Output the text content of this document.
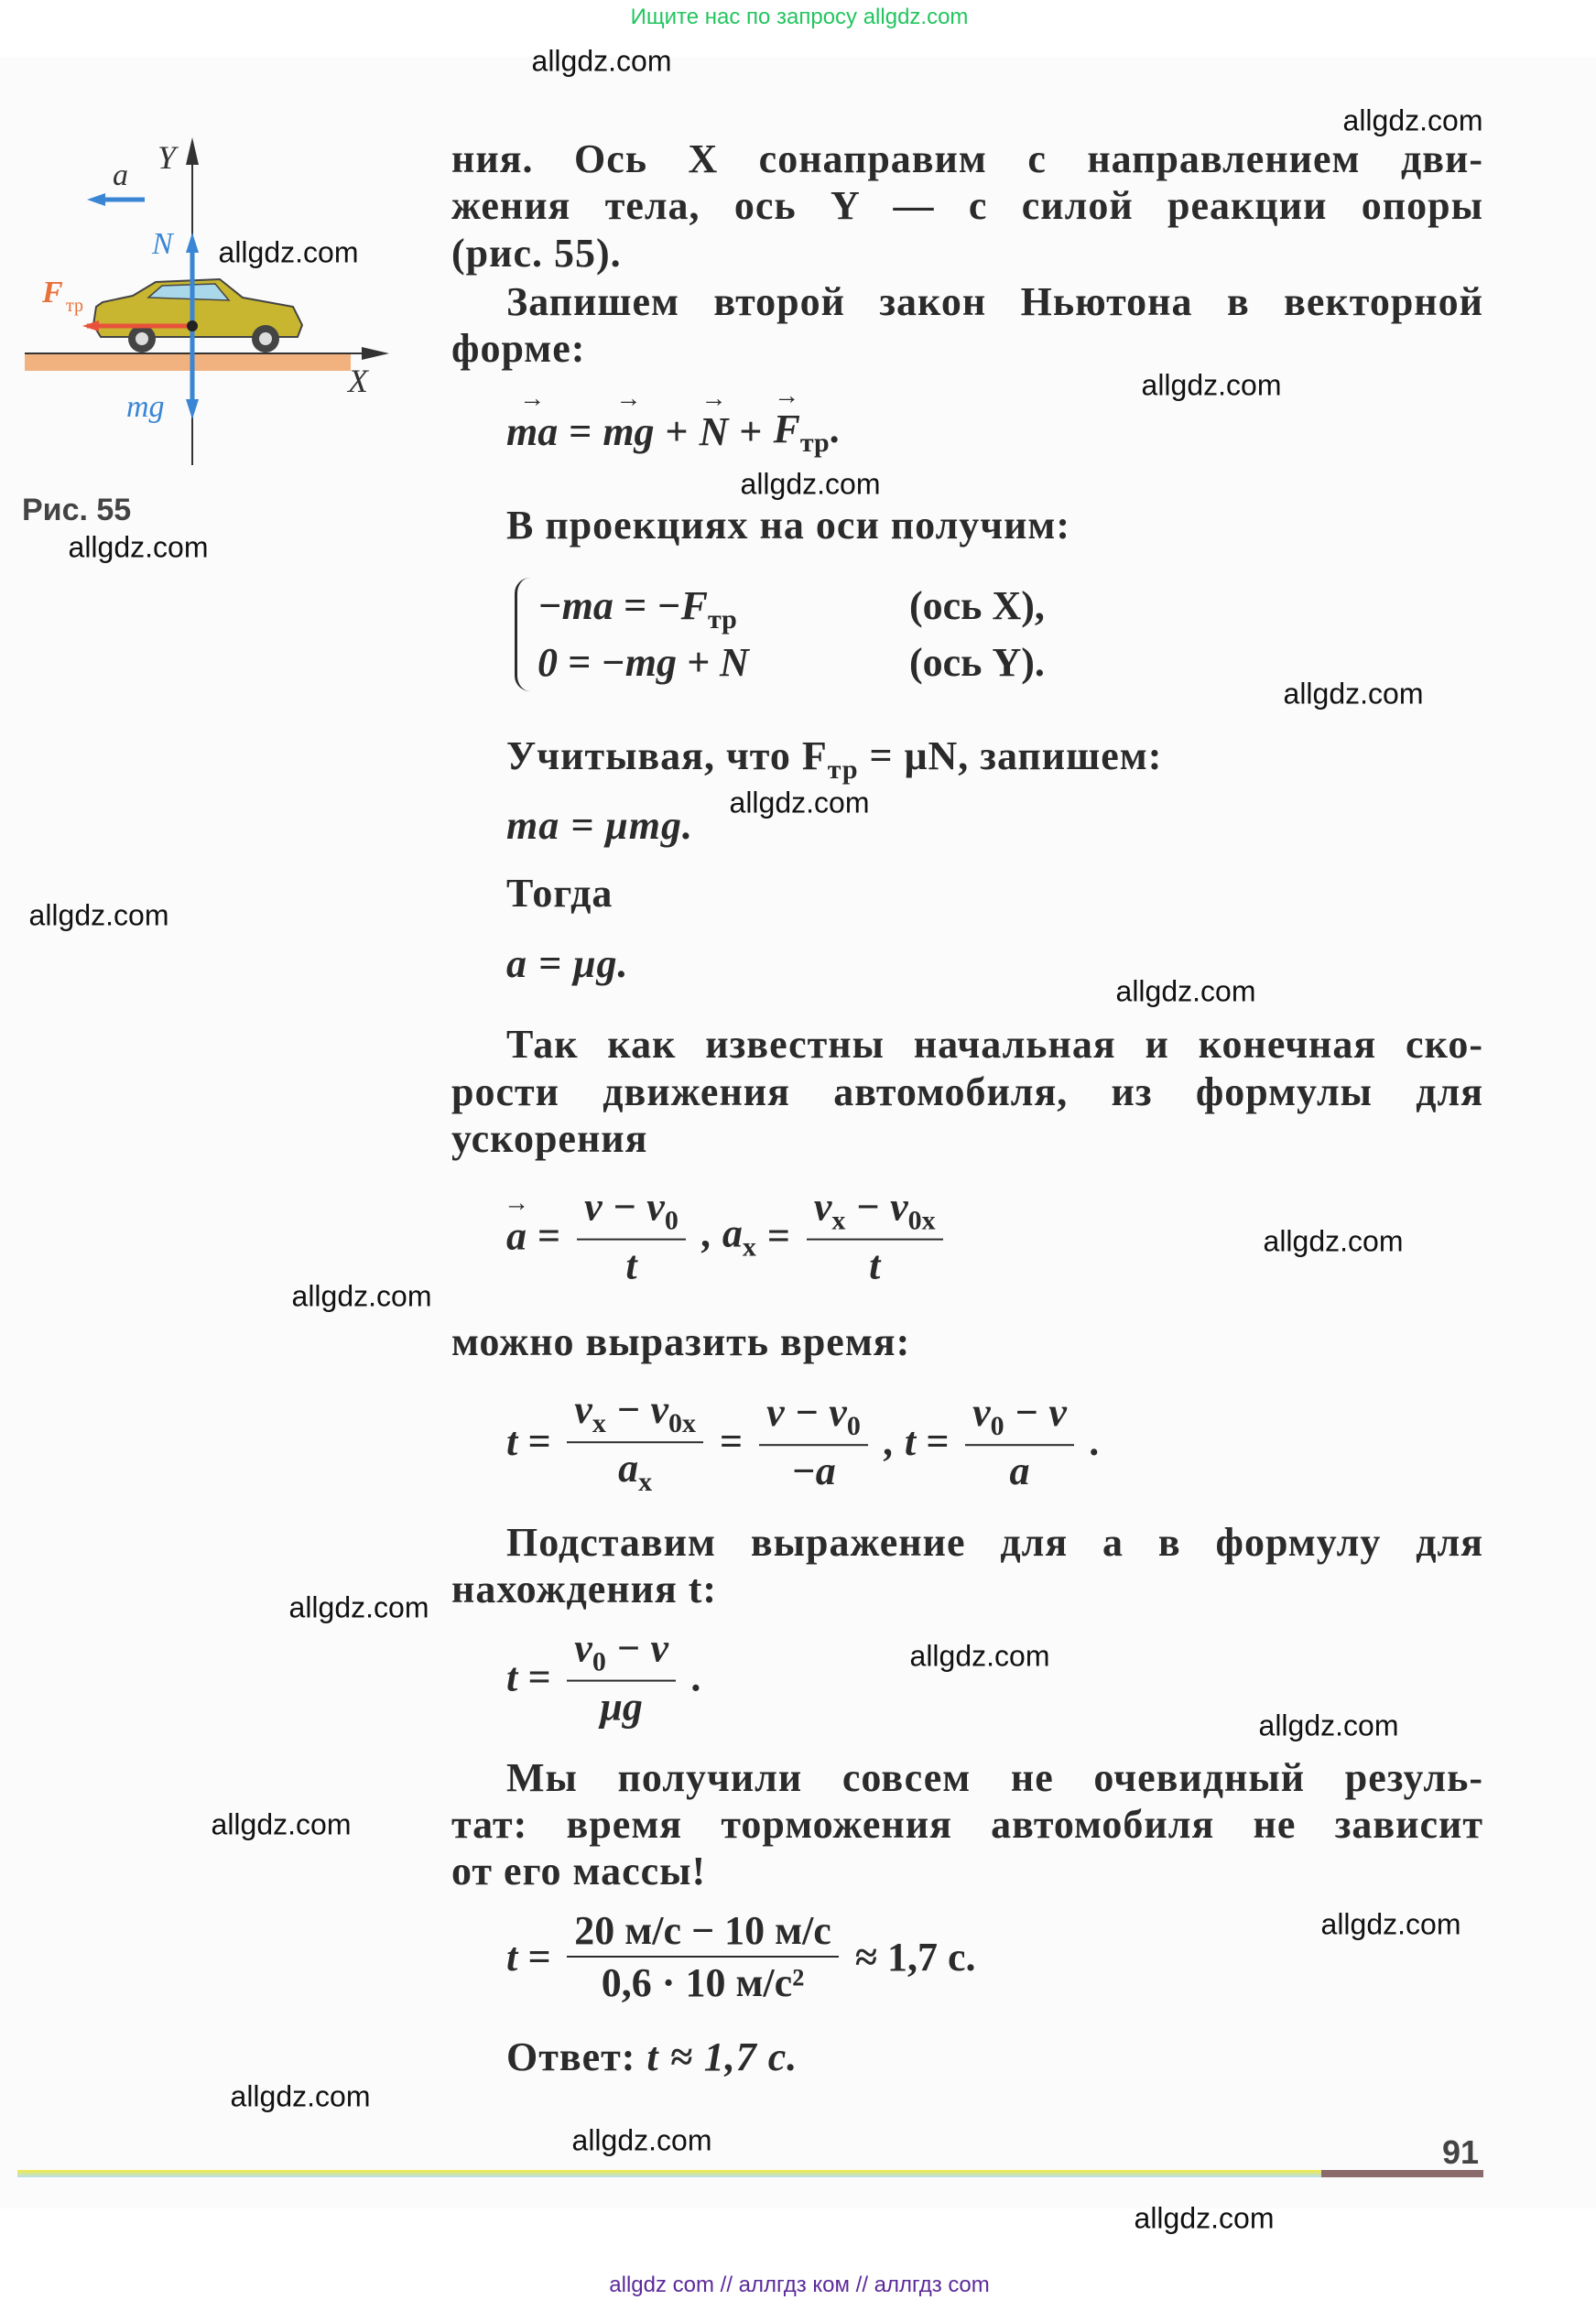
Ищите нас по запросу allgdz.com
Y
X
a
N
F тр
mg
Рис. 55
ния. Ось X сонаправим с направлением дви-
жения тела, ось Y — с силой реакции опоры
(рис. 55).
Запишем второй закон Ньютона в векторной
форме:
→ ma = → mg + → N + → $F_{тр}$.
В проекциях на оси получим:
$-ma = -F_{тр}$
0 = −mg + N
(ось X),
(ось Y).
Учитывая, что $F_{тр} = \mu N$, запишем:
ma = μmg.
Тогда
a = μg.
Так как известны начальная и конечная ско-
рости движения автомобиля, из формулы для
ускорения
→ $a = \frac{v - v_0}{t}$ , $a_x = \frac{v_x - v_{0x}}{t}$
можно выразить время:
$t = \frac{v_x - v_{0x}}{a_x} = \frac{v - v_0}{-a}$ , $t = \frac{v_0 - v}{a}$ .
Подставим выражение для a в формулу для
нахождения t:
$t = \frac{v_0 - v}{\mu g}$ .
Мы получили совсем не очевидный резуль-
тат: время торможения автомобиля не зависит
от его массы!
t =
20 м/с − 10 м/с
0,6 · 10 м/с²
≈ 1,7 с.
Ответ: t ≈ 1,7 с.
91
allgdz.com
allgdz.com
allgdz.com
allgdz.com
allgdz.com
allgdz.com
allgdz.com
allgdz.com
allgdz.com
allgdz.com
allgdz.com
allgdz.com
allgdz.com
allgdz.com
allgdz.com
allgdz.com
allgdz.com
allgdz.com
allgdz.com
allgdz.com
allgdz com // аллгдз ком // аллгдз com
